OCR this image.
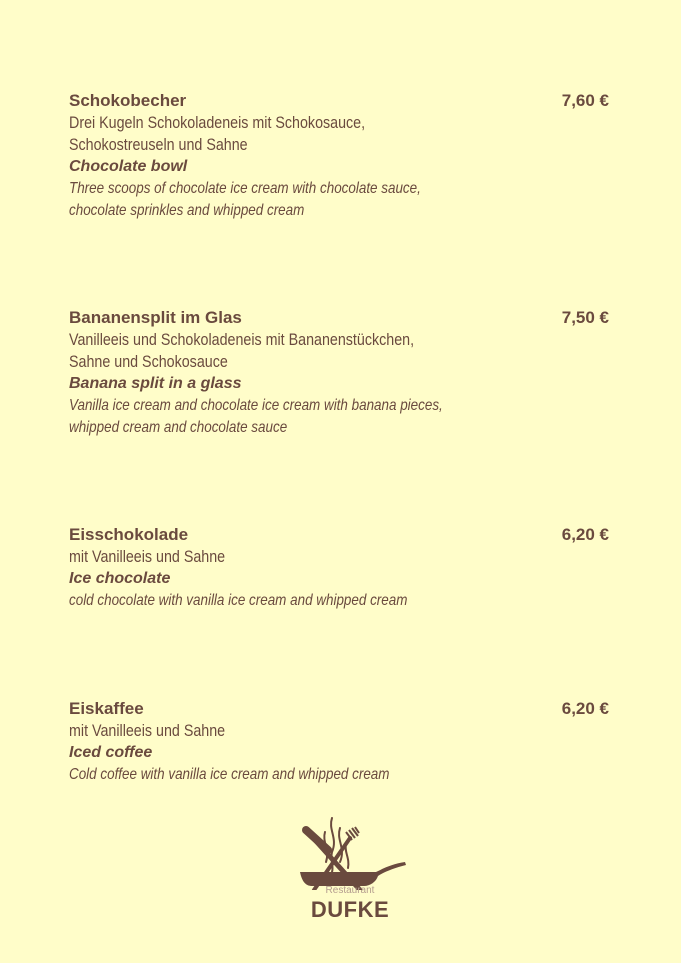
Schokobecher	7,60 €
Drei Kugeln Schokoladeneis mit Schokosauce,
Schokostreuseln und Sahne
Chocolate bowl
Three scoops of chocolate ice cream with chocolate sauce,
chocolate sprinkles and whipped cream
Bananensplit im Glas	7,50 €
Vanilleeis und Schokoladeneis mit Bananenstückchen,
Sahne und Schokosauce
Banana split in a glass
Vanilla ice cream and chocolate ice cream with banana pieces,
whipped cream and chocolate sauce
Eisschokolade	6,20 €
mit Vanilleeis und Sahne
Ice chocolate
cold chocolate with vanilla ice cream and whipped cream
Eiskaffee	6,20 €
mit Vanilleeis und Sahne
Iced coffee
Cold coffee with vanilla ice cream and whipped cream
Restaurant
DUFKE
